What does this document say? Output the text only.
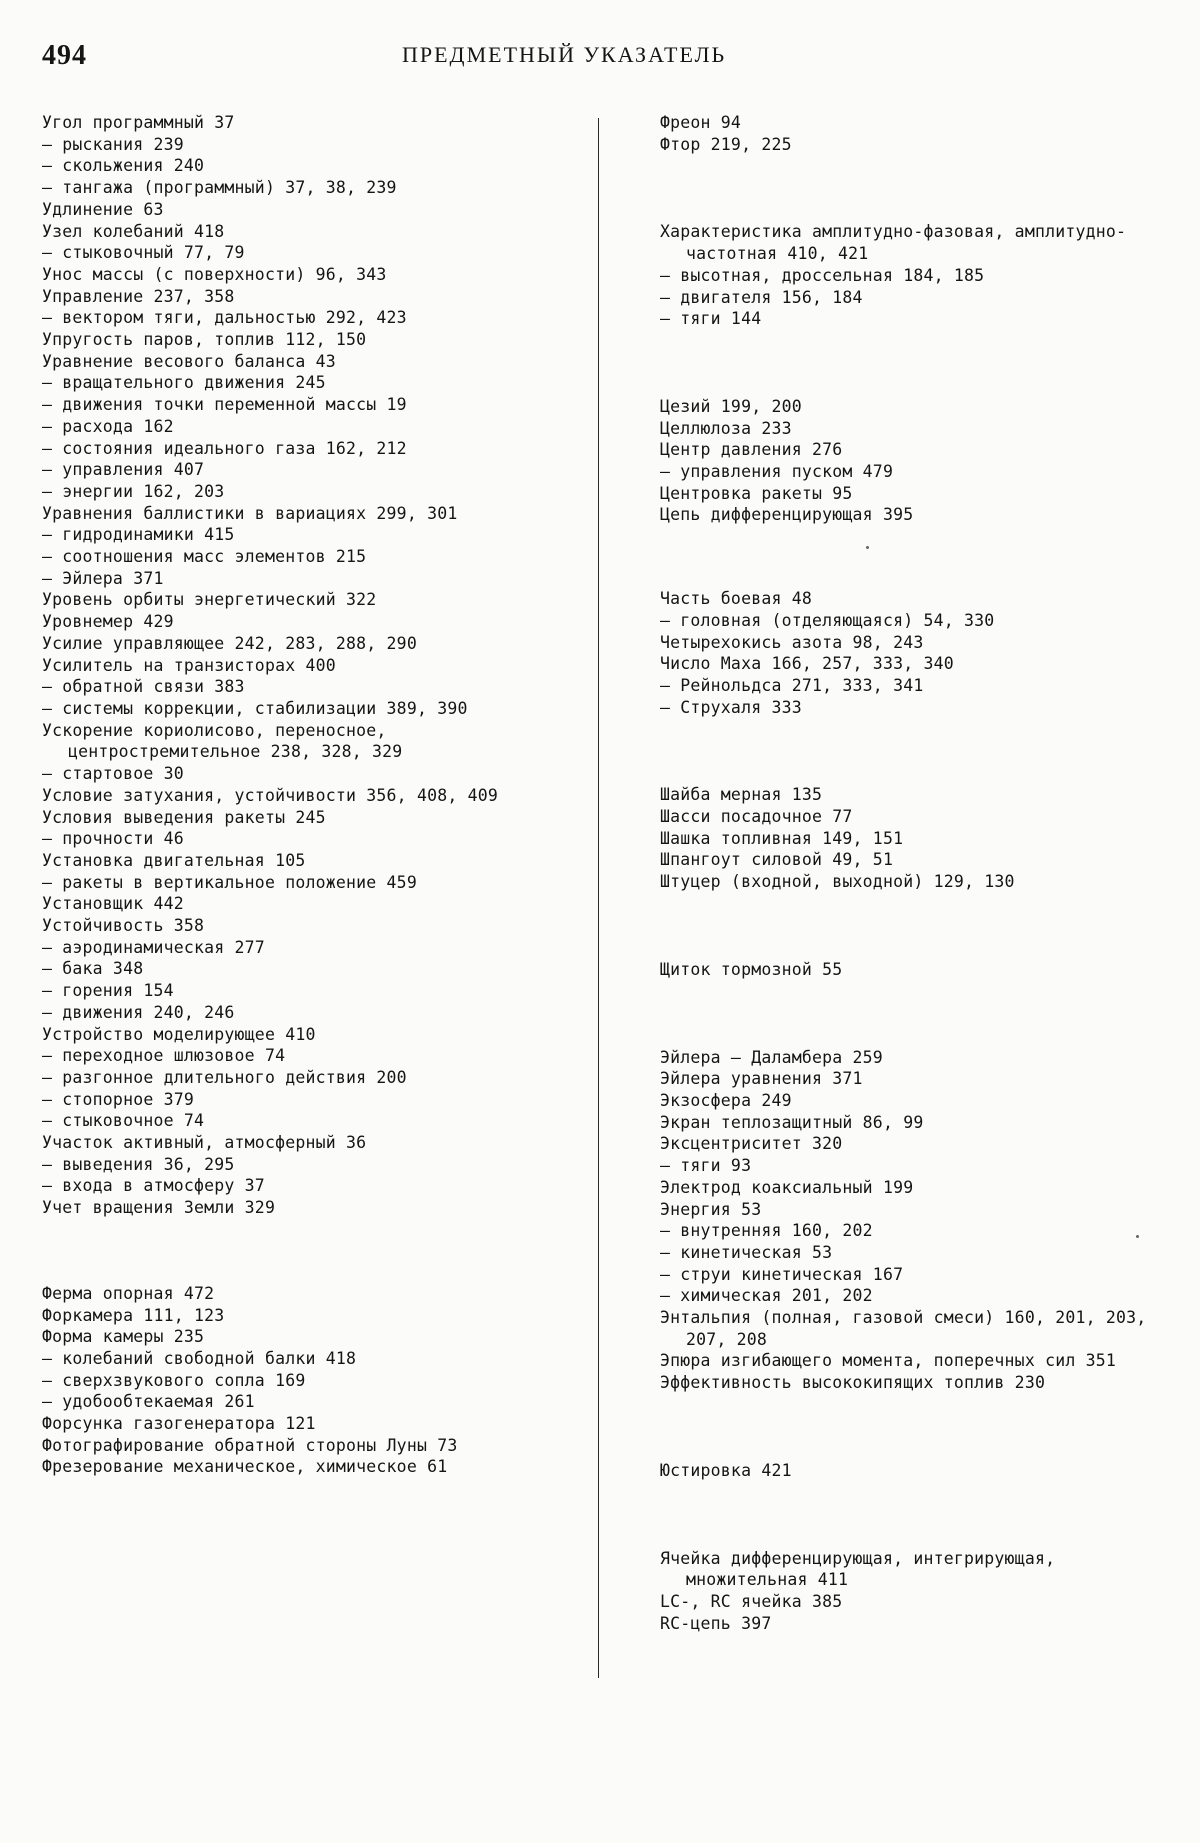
494	ПРЕДМЕТНЫЙ УКАЗАТЕЛЬ
Угол программный 37
— рыскания 239
— скольжения 240
— тангажа (программный) 37, 38, 239
Удлинение 63
Узел колебаний 418
— стыковочный 77, 79
Унос массы (с поверхности) 96, 343
Управление 237, 358
— вектором тяги, дальностью 292, 423
Упругость паров, топлив 112, 150
Уравнение весового баланса 43
— вращательного движения 245
— движения точки переменной массы 19
— расхода 162
— состояния идеального газа 162, 212
— управления 407
— энергии 162, 203
Уравнения баллистики в вариациях 299, 301
— гидродинамики 415
— соотношения масс элементов 215
— Эйлера 371
Уровень орбиты энергетический 322
Уровнемер 429
Усилие управляющее 242, 283, 288, 290
Усилитель на транзисторах 400
— обратной связи 383
— системы коррекции, стабилизации 389, 390
Ускорение кориолисово, переносное, центростремительное 238, 328, 329
— стартовое 30
Условие затухания, устойчивости 356, 408, 409
Условия выведения ракеты 245
— прочности 46
Установка двигательная 105
— ракеты в вертикальное положение 459
Установщик 442
Устойчивость 358
— аэродинамическая 277
— бака 348
— горения 154
— движения 240, 246
Устройство моделирующее 410
— переходное шлюзовое 74
— разгонное длительного действия 200
— стопорное 379
— стыковочное 74
Участок активный, атмосферный 36
— выведения 36, 295
— входа в атмосферу 37
Учет вращения Земли 329
Ферма опорная 472
Форкамера 111, 123
Форма камеры 235
— колебаний свободной балки 418
— сверхзвукового сопла 169
— удобообтекаемая 261
Форсунка газогенератора 121
Фотографирование обратной стороны Луны 73
Фрезерование механическое, химическое 61
Фреон 94
Фтор 219, 225
Характеристика амплитудно-фазовая, амплитудно-частотная 410, 421
— высотная, дроссельная 184, 185
— двигателя 156, 184
— тяги 144
Цезий 199, 200
Целлюлоза 233
Центр давления 276
— управления пуском 479
Центровка ракеты 95
Цепь дифференцирующая 395
Часть боевая 48
— головная (отделяющаяся) 54, 330
Четырехокись азота 98, 243
Число Маха 166, 257, 333, 340
— Рейнольдса 271, 333, 341
— Струхаля 333
Шайба мерная 135
Шасси посадочное 77
Шашка топливная 149, 151
Шпангоут силовой 49, 51
Штуцер (входной, выходной) 129, 130
Щиток тормозной 55
Эйлера — Даламбера 259
Эйлера уравнения 371
Экзосфера 249
Экран теплозащитный 86, 99
Эксцентриситет 320
— тяги 93
Электрод коаксиальный 199
Энергия 53
— внутренняя 160, 202
— кинетическая 53
— струи кинетическая 167
— химическая 201, 202
Энтальпия (полная, газовой смеси) 160, 201, 203, 207, 208
Эпюра изгибающего момента, поперечных сил 351
Эффективность высококипящих топлив 230
Юстировка 421
Ячейка дифференцирующая, интегрирующая, множительная 411
LC-, RC ячейка 385
RC-цепь 397
